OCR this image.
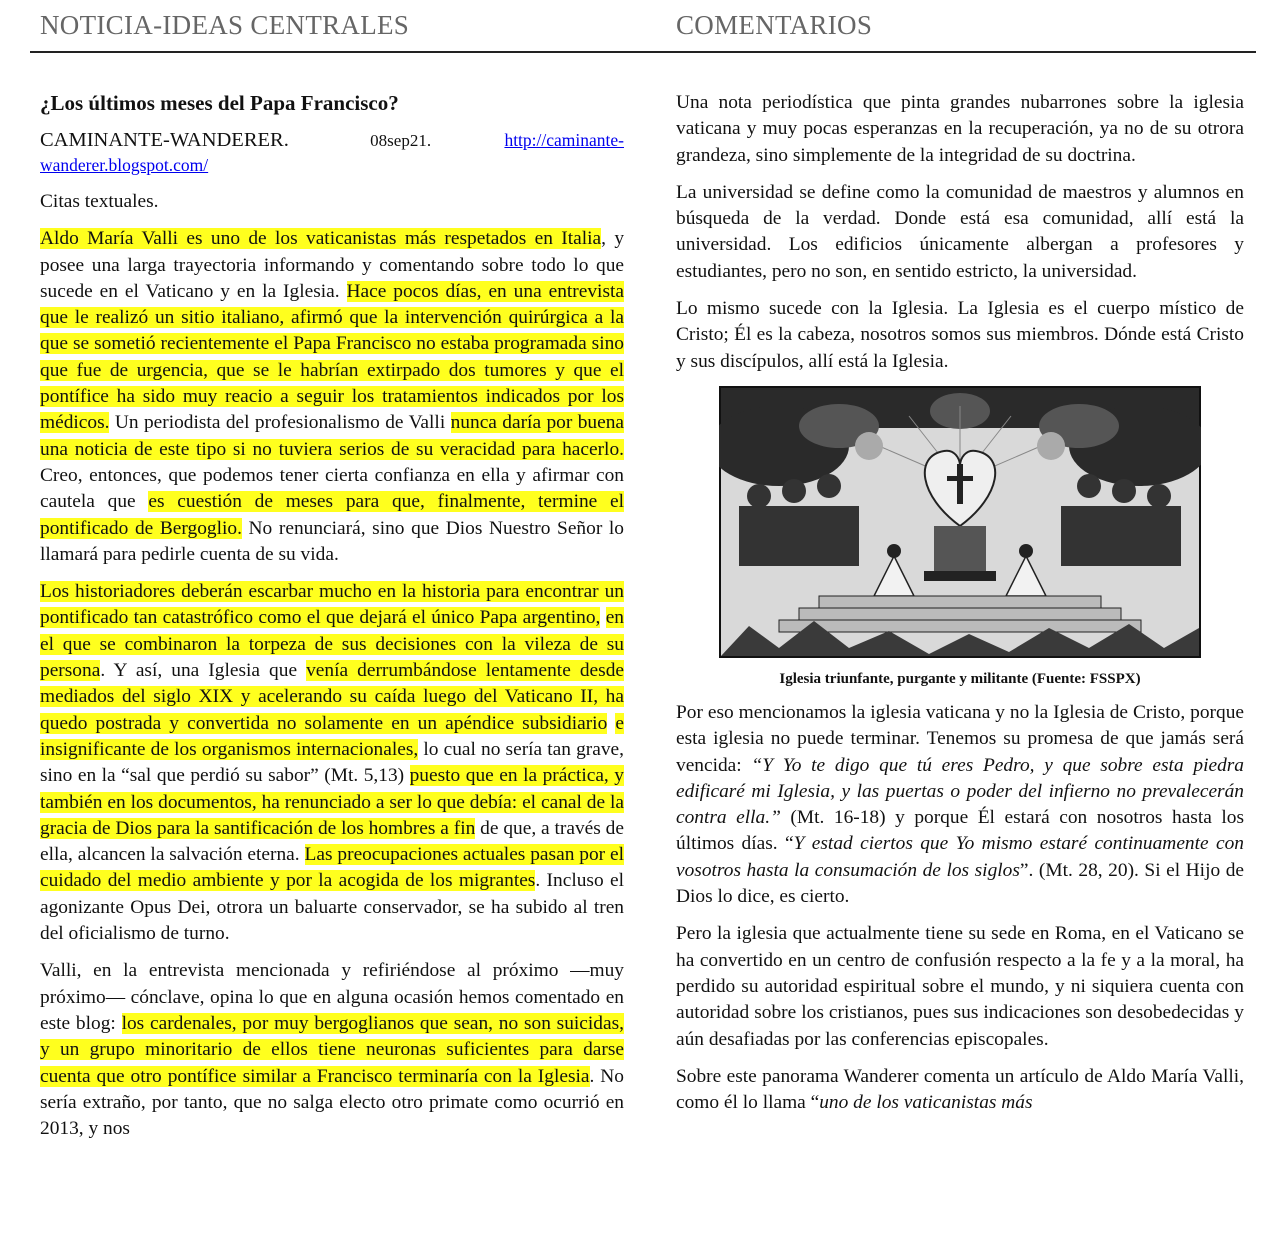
NOTICIA-IDEAS CENTRALES	COMENTARIOS

¿Los últimos meses del Papa Francisco?

CAMINANTE-WANDERER.	08sep21.	http://caminante-wanderer.blogspot.com/

Citas textuales.

Aldo María Valli es uno de los vaticanistas más respetados en Italia, y posee una larga trayectoria informando y comentando sobre todo lo que sucede en el Vaticano y en la Iglesia. Hace pocos días, en una entrevista que le realizó un sitio italiano, afirmó que la intervención quirúrgica a la que se sometió recientemente el Papa Francisco no estaba programada sino que fue de urgencia, que se le habrían extirpado dos tumores y que el pontífice ha sido muy reacio a seguir los tratamientos indicados por los médicos. Un periodista del profesionalismo de Valli nunca daría por buena una noticia de este tipo si no tuviera serios de su veracidad para hacerlo. Creo, entonces, que podemos tener cierta confianza en ella y afirmar con cautela que es cuestión de meses para que, finalmente, termine el pontificado de Bergoglio. No renunciará, sino que Dios Nuestro Señor lo llamará para pedirle cuenta de su vida.

Los historiadores deberán escarbar mucho en la historia para encontrar un pontificado tan catastrófico como el que dejará el único Papa argentino, en el que se combinaron la torpeza de sus decisiones con la vileza de su persona. Y así, una Iglesia que venía derrumbándose lentamente desde mediados del siglo XIX y acelerando su caída luego del Vaticano II, ha quedo postrada y convertida no solamente en un apéndice subsidiario e insignificante de los organismos internacionales, lo cual no sería tan grave, sino en la “sal que perdió su sabor” (Mt. 5,13) puesto que en la práctica, y también en los documentos, ha renunciado a ser lo que debía: el canal de la gracia de Dios para la santificación de los hombres a fin de que, a través de ella, alcancen la salvación eterna. Las preocupaciones actuales pasan por el cuidado del medio ambiente y por la acogida de los migrantes. Incluso el agonizante Opus Dei, otrora un baluarte conservador, se ha subido al tren del oficialismo de turno.

Valli, en la entrevista mencionada y refiriéndose al próximo —muy próximo— cónclave, opina lo que en alguna ocasión hemos comentado en este blog: los cardenales, por muy bergoglianos que sean, no son suicidas, y un grupo minoritario de ellos tiene neuronas suficientes para darse cuenta que otro pontífice similar a Francisco terminaría con la Iglesia. No sería extraño, por tanto, que no salga electo otro primate como ocurrió en 2013, y nos

Una nota periodística que pinta grandes nubarrones sobre la iglesia vaticana y muy pocas esperanzas en la recuperación, ya no de su otrora grandeza, sino simplemente de la integridad de su doctrina.

La universidad se define como la comunidad de maestros y alumnos en búsqueda de la verdad. Donde está esa comunidad, allí está la universidad. Los edificios únicamente albergan a profesores y estudiantes, pero no son, en sentido estricto, la universidad.

Lo mismo sucede con la Iglesia. La Iglesia es el cuerpo místico de Cristo; Él es la cabeza, nosotros somos sus miembros. Dónde está Cristo y sus discípulos, allí está la Iglesia.

Iglesia triunfante, purgante y militante (Fuente: FSSPX)

Por eso mencionamos la iglesia vaticana y no la Iglesia de Cristo, porque esta iglesia no puede terminar. Tenemos su promesa de que jamás será vencida: “Y Yo te digo que tú eres Pedro, y que sobre esta piedra edificaré mi Iglesia, y las puertas o poder del infierno no prevalecerán contra ella.” (Mt. 16-18) y porque Él estará con nosotros hasta los últimos días. “Y estad ciertos que Yo mismo estaré continuamente con vosotros hasta la consumación de los siglos”. (Mt. 28, 20). Si el Hijo de Dios lo dice, es cierto.

Pero la iglesia que actualmente tiene su sede en Roma, en el Vaticano se ha convertido en un centro de confusión respecto a la fe y a la moral, ha perdido su autoridad espiritual sobre el mundo, y ni siquiera cuenta con autoridad sobre los cristianos, pues sus indicaciones son desobedecidas y aún desafiadas por las conferencias episcopales.

Sobre este panorama Wanderer comenta un artículo de Aldo María Valli, como él lo llama “uno de los vaticanistas más
